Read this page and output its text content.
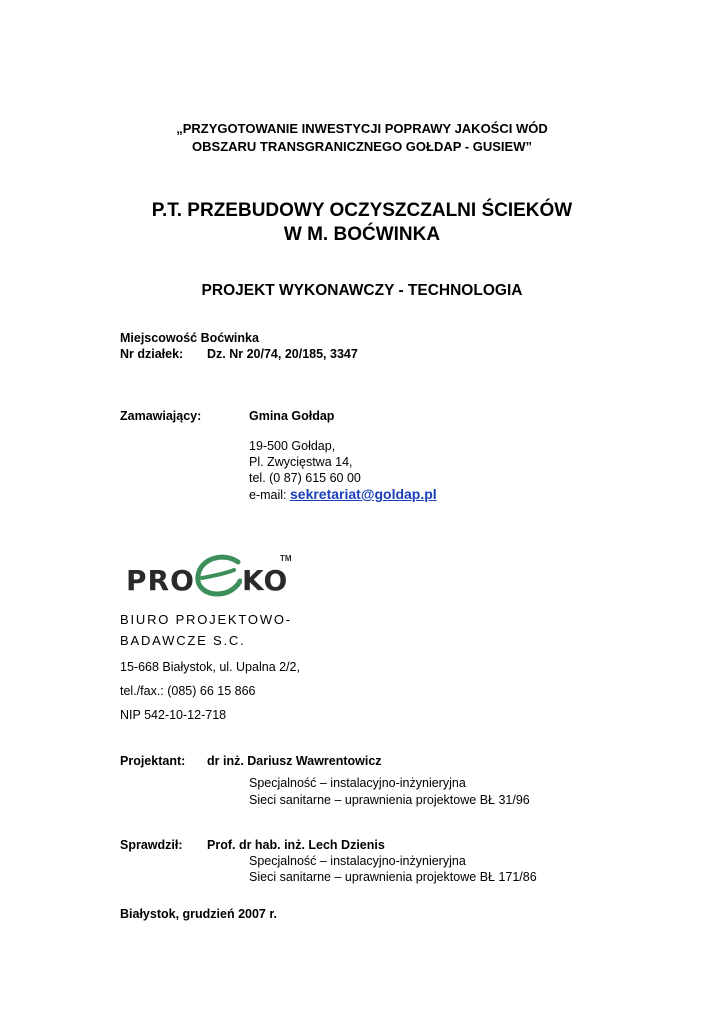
„PRZYGOTOWANIE INWESTYCJI POPRAWY JAKOŚCI WÓD
OBSZARU TRANSGRANICZNEGO GOŁDAP - GUSIEW”
P.T. PRZEBUDOWY OCZYSZCZALNI ŚCIEKÓW
W M. BOĆWINKA
PROJEKT WYKONAWCZY - TECHNOLOGIA
Miejscowość Boćwinka
Nr działek: Dz. Nr 20/74, 20/185, 3347
Zamawiający:	Gmina Gołdap
19-500 Gołdap,
Pl. Zwycięstwa 14,
tel. (0 87) 615 60 00
e-mail: sekretariat@goldap.pl
PRO KO
TM
BIURO PROJEKTOWO-
BADAWCZE S.C.
15-668 Białystok, ul. Upalna 2/2,
tel./fax.: (085) 66 15 866
NIP 542-10-12-718
Projektant: dr inż. Dariusz Wawrentowicz
Specjalność – instalacyjno-inżynieryjna
Sieci sanitarne – uprawnienia projektowe BŁ 31/96
Sprawdził: Prof. dr hab. inż. Lech Dzienis
Specjalność – instalacyjno-inżynieryjna
Sieci sanitarne – uprawnienia projektowe BŁ 171/86
Białystok, grudzień 2007 r.
